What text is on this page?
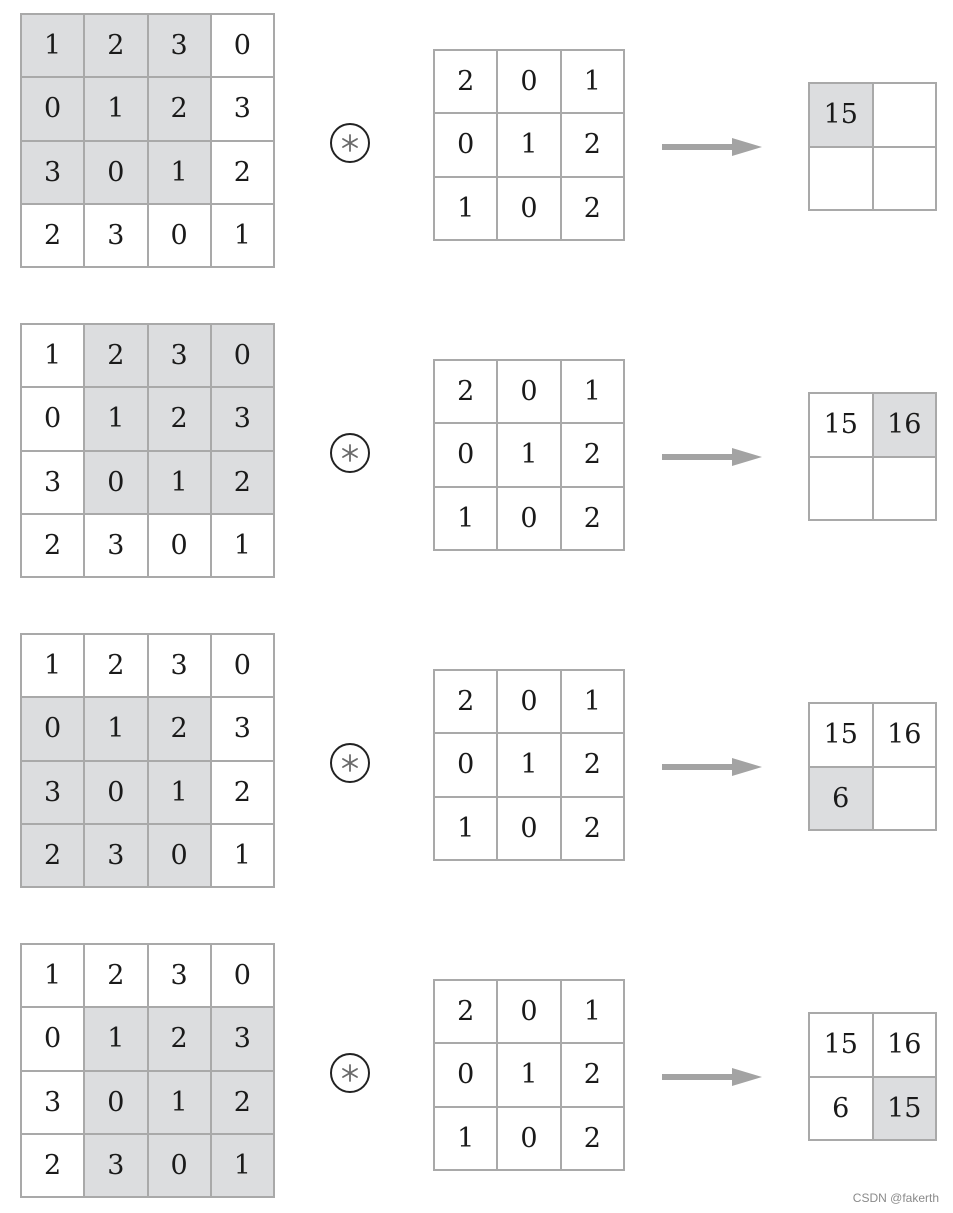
1	2	3	0
0	1	2	3
3	0	1	2
2	3	0	1
2	0	1
0	1	2
1	0	2
15
1	2	3	0
0	1	2	3
3	0	1	2
2	3	0	1
2	0	1
0	1	2
1	0	2
15	16
1	2	3	0
0	1	2	3
3	0	1	2
2	3	0	1
2	0	1
0	1	2
1	0	2
15	16
6
1	2	3	0
0	1	2	3
3	0	1	2
2	3	0	1
2	0	1
0	1	2
1	0	2
15	16
6	15
CSDN @fakerth
